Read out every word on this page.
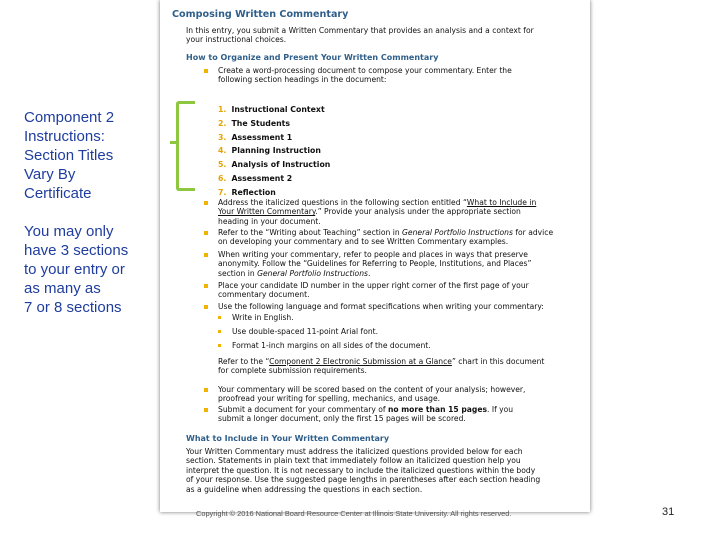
Component 2
Instructions:
Section Titles
Vary By
Certificate
You may only
have 3 sections
to your entry or
as many as
7 or 8 sections
Composing Written Commentary
In this entry, you submit a Written Commentary that provides an analysis and a context for
your instructional choices.
How to Organize and Present Your Written Commentary
Create a word-processing document to compose your commentary. Enter the
following section headings in the document:
1. Instructional Context
2. The Students
3. Assessment 1
4. Planning Instruction
5. Analysis of Instruction
6. Assessment 2
7. Reflection
Address the italicized questions in the following section entitled “What to Include in
Your Written Commentary.” Provide your analysis under the appropriate section
heading in your document.
Refer to the “Writing about Teaching” section in General Portfolio Instructions for advice
on developing your commentary and to see Written Commentary examples.
When writing your commentary, refer to people and places in ways that preserve
anonymity. Follow the “Guidelines for Referring to People, Institutions, and Places”
section in General Portfolio Instructions.
Place your candidate ID number in the upper right corner of the first page of your
commentary document.
Use the following language and format specifications when writing your commentary:
Write in English.
Use double-spaced 11-point Arial font.
Format 1-inch margins on all sides of the document.
Refer to the “Component 2 Electronic Submission at a Glance” chart in this document
for complete submission requirements.
Your commentary will be scored based on the content of your analysis; however,
proofread your writing for spelling, mechanics, and usage.
Submit a document for your commentary of no more than 15 pages. If you
submit a longer document, only the first 15 pages will be scored.
What to Include in Your Written Commentary
Your Written Commentary must address the italicized questions provided below for each
section. Statements in plain text that immediately follow an italicized question help you
interpret the question. It is not necessary to include the italicized questions within the body
of your response. Use the suggested page lengths in parentheses after each section heading
as a guideline when addressing the questions in each section.
Copyright © 2016 National Board Resource Center at Illinois State University. All rights reserved.	31
